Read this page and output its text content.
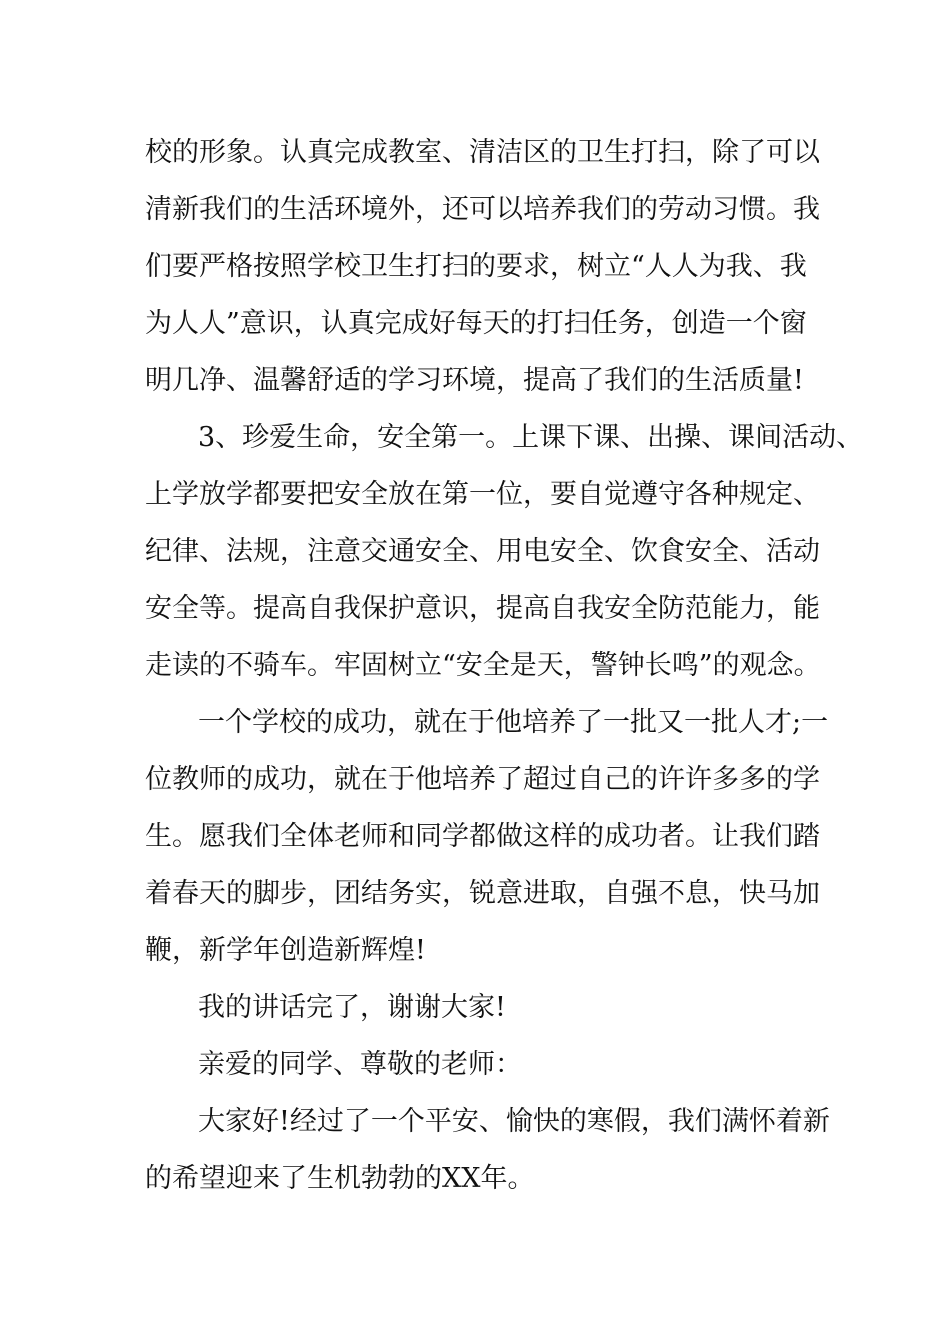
校的形象。认真完成教室、清洁区的卫生打扫，除了可以
清新我们的生活环境外，还可以培养我们的劳动习惯。我
们要严格按照学校卫生打扫的要求，树立“人人为我、我
为人人”意识，认真完成好每天的打扫任务，创造一个窗
明几净、温馨舒适的学习环境，提高了我们的生活质量!
3、珍爱生命，安全第一。上课下课、出操、课间活动、
上学放学都要把安全放在第一位，要自觉遵守各种规定、
纪律、法规，注意交通安全、用电安全、饮食安全、活动
安全等。提高自我保护意识，提高自我安全防范能力，能
走读的不骑车。牢固树立“安全是天，警钟长鸣”的观念。
一个学校的成功，就在于他培养了一批又一批人才;一
位教师的成功，就在于他培养了超过自己的许许多多的学
生。愿我们全体老师和同学都做这样的成功者。让我们踏
着春天的脚步，团结务实，锐意进取，自强不息，快马加
鞭，新学年创造新辉煌!
我的讲话完了，谢谢大家!
亲爱的同学、尊敬的老师：
大家好!经过了一个平安、愉快的寒假，我们满怀着新
的希望迎来了生机勃勃的XX年。
